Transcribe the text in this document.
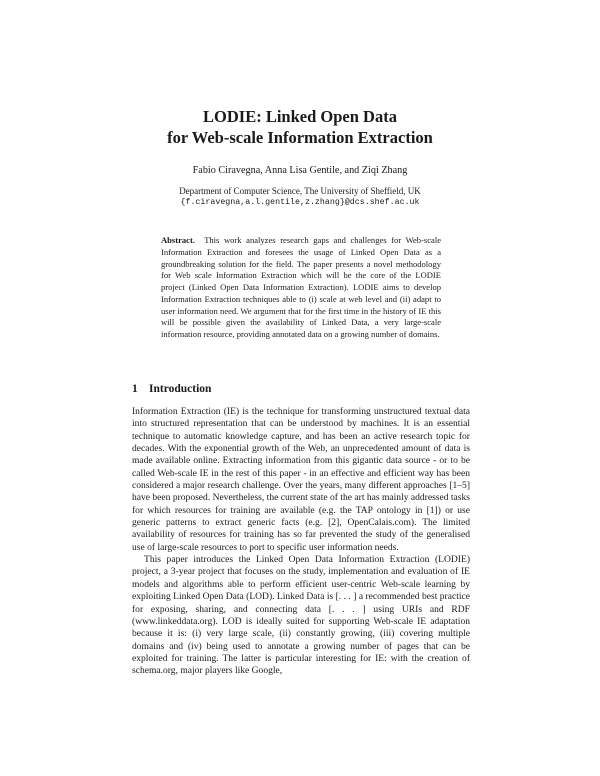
LODIE: Linked Open Data
for Web-scale Information Extraction
Fabio Ciravegna, Anna Lisa Gentile, and Ziqi Zhang
Department of Computer Science, The University of Sheffield, UK
{f.ciravegna,a.l.gentile,z.zhang}@dcs.shef.ac.uk

Abstract. This work analyzes research gaps and challenges for Web-scale Information Extraction and foresees the usage of Linked Open Data as a groundbreaking solution for the field. The paper presents a novel methodology for Web scale Information Extraction which will be the core of the LODIE project (Linked Open Data Information Extraction). LODIE aims to develop Information Extraction techniques able to (i) scale at web level and (ii) adapt to user information need. We argument that for the first time in the history of IE this will be possible given the availability of Linked Data, a very large-scale information resource, providing annotated data on a growing number of domains.

1 Introduction

Information Extraction (IE) is the technique for transforming unstructured textual data into structured representation that can be understood by machines. It is an essential technique to automatic knowledge capture, and has been an active research topic for decades. With the exponential growth of the Web, an unprecedented amount of data is made available online. Extracting information from this gigantic data source - or to be called Web-scale IE in the rest of this paper - in an effective and efficient way has been considered a major research challenge. Over the years, many different approaches [1–5] have been proposed. Nevertheless, the current state of the art has mainly addressed tasks for which resources for training are available (e.g. the TAP ontology in [1]) or use generic patterns to extract generic facts (e.g. [2], OpenCalais.com). The limited availability of resources for training has so far prevented the study of the generalised use of large-scale resources to port to specific user information needs.

This paper introduces the Linked Open Data Information Extraction (LODIE) project, a 3-year project that focuses on the study, implementation and evaluation of IE models and algorithms able to perform efficient user-centric Web-scale learning by exploiting Linked Open Data (LOD). Linked Data is [. . . ] a recommended best practice for exposing, sharing, and connecting data [. . . ] using URIs and RDF (www.linkeddata.org). LOD is ideally suited for supporting Web-scale IE adaptation because it is: (i) very large scale, (ii) constantly growing, (iii) covering multiple domains and (iv) being used to annotate a growing number of pages that can be exploited for training. The latter is particular interesting for IE: with the creation of schema.org, major players like Google,
